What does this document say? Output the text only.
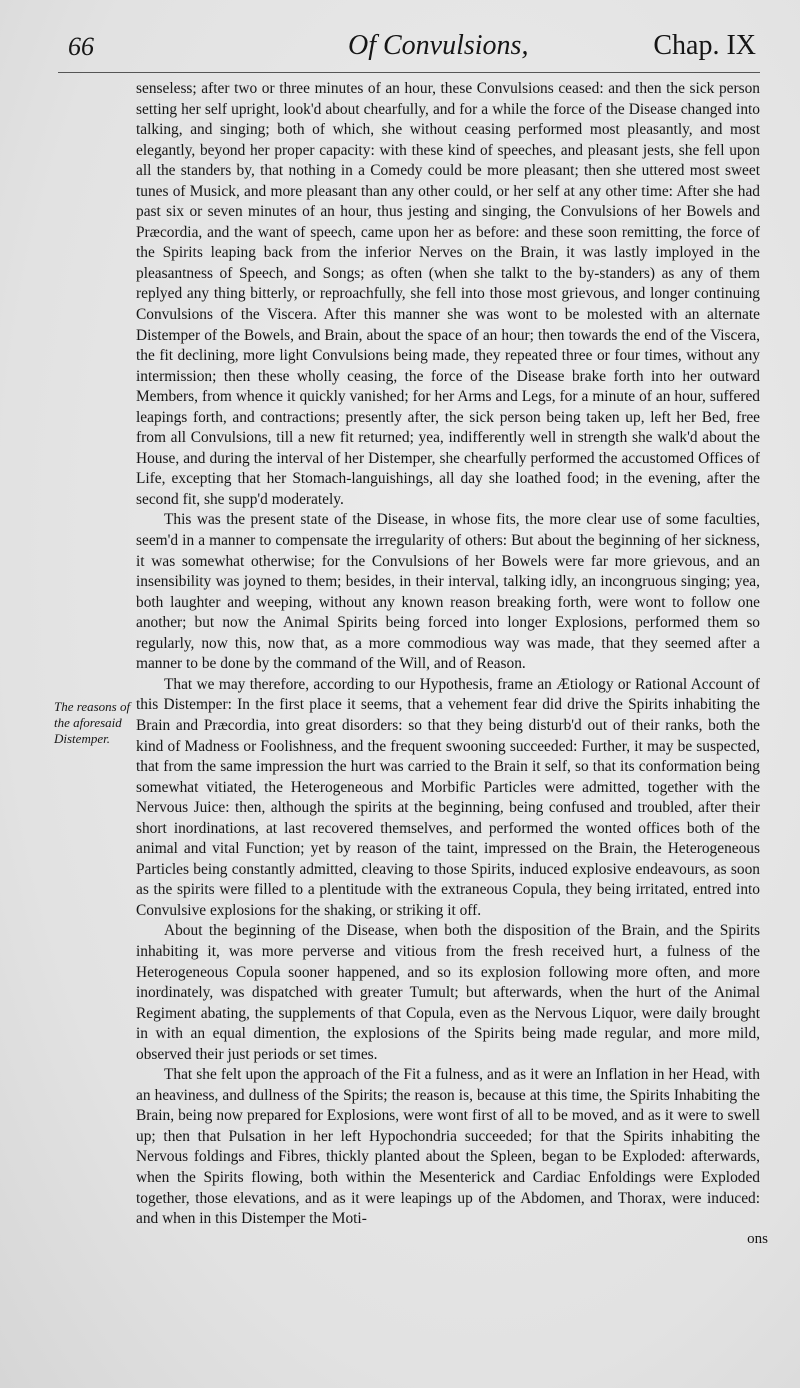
66	Of Convulsions,	Chap. IX
The reasons of the aforesaid Distemper.

senseless; after two or three minutes of an hour, these Convulsions ceased: and then the sick person setting her self upright, look'd about chearfully, and for a while the force of the Disease changed into talking, and singing; both of which, she without ceasing performed most pleasantly, and most elegantly, beyond her proper capacity: with these kind of speeches, and pleasant jests, she fell upon all the standers by, that nothing in a Comedy could be more pleasant; then she uttered most sweet tunes of Musick, and more pleasant than any other could, or her self at any other time: After she had past six or seven minutes of an hour, thus jesting and singing, the Convulsions of her Bowels and Præcordia, and the want of speech, came upon her as before: and these soon remitting, the force of the Spirits leaping back from the inferior Nerves on the Brain, it was lastly imployed in the pleasantness of Speech, and Songs; as often (when she talkt to the by-standers) as any of them replyed any thing bitterly, or reproachfully, she fell into those most grievous, and longer continuing Convulsions of the Viscera. After this manner she was wont to be molested with an alternate Distemper of the Bowels, and Brain, about the space of an hour; then towards the end of the Viscera, the fit declining, more light Convulsions being made, they repeated three or four times, without any intermission; then these wholly ceasing, the force of the Disease brake forth into her outward Members, from whence it quickly vanished; for her Arms and Legs, for a minute of an hour, suffered leapings forth, and contractions; presently after, the sick person being taken up, left her Bed, free from all Convulsions, till a new fit returned; yea, indifferently well in strength she walk'd about the House, and during the interval of her Distemper, she chearfully performed the accustomed Offices of Life, excepting that her Stomach-languishings, all day she loathed food; in the evening, after the second fit, she supp'd moderately.

This was the present state of the Disease, in whose fits, the more clear use of some faculties, seem'd in a manner to compensate the irregularity of others: But about the beginning of her sickness, it was somewhat otherwise; for the Convulsions of her Bowels were far more grievous, and an insensibility was joyned to them; besides, in their interval, talking idly, an incongruous singing; yea, both laughter and weeping, without any known reason breaking forth, were wont to follow one another; but now the Animal Spirits being forced into longer Explosions, performed them so regularly, now this, now that, as a more commodious way was made, that they seemed after a manner to be done by the command of the Will, and of Reason.

That we may therefore, according to our Hypothesis, frame an Ætiology or Rational Account of this Distemper: In the first place it seems, that a vehement fear did drive the Spirits inhabiting the Brain and Præcordia, into great disorders: so that they being disturb'd out of their ranks, both the kind of Madness or Foolishness, and the frequent swooning succeeded: Further, it may be suspected, that from the same impression the hurt was carried to the Brain it self, so that its conformation being somewhat vitiated, the Heterogeneous and Morbific Particles were admitted, together with the Nervous Juice: then, although the spirits at the beginning, being confused and troubled, after their short inordinations, at last recovered themselves, and performed the wonted offices both of the animal and vital Function; yet by reason of the taint, impressed on the Brain, the Heterogeneous Particles being constantly admitted, cleaving to those Spirits, induced explosive endeavours, as soon as the spirits were filled to a plentitude with the extraneous Copula, they being irritated, entred into Convulsive explosions for the shaking, or striking it off.

About the beginning of the Disease, when both the disposition of the Brain, and the Spirits inhabiting it, was more perverse and vitious from the fresh received hurt, a fulness of the Heterogeneous Copula sooner happened, and so its explosion following more often, and more inordinately, was dispatched with greater Tumult; but afterwards, when the hurt of the Animal Regiment abating, the supplements of that Copula, even as the Nervous Liquor, were daily brought in with an equal dimention, the explosions of the Spirits being made regular, and more mild, observed their just periods or set times.

That she felt upon the approach of the Fit a fulness, and as it were an Inflation in her Head, with an heaviness, and dullness of the Spirits; the reason is, because at this time, the Spirits Inhabiting the Brain, being now prepared for Explosions, were wont first of all to be moved, and as it were to swell up; then that Pulsation in her left Hypochondria succeeded; for that the Spirits inhabiting the Nervous foldings and Fibres, thickly planted about the Spleen, began to be Exploded: afterwards, when the Spirits flowing, both within the Mesenterick and Cardiac Enfoldings were Exploded together, those elevations, and as it were leapings up of the Abdomen, and Thorax, were induced: and when in this Distemper the Moti-

ons
